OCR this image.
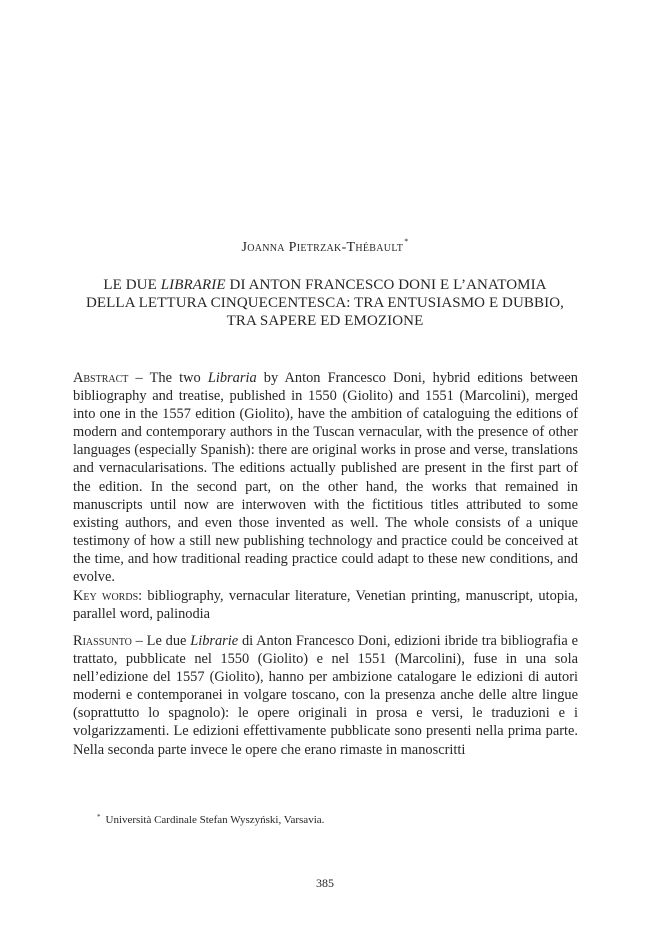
Joanna Pietrzak-Thébault*
LE DUE LIBRARIE DI ANTON FRANCESCO DONI E L’ANATOMIA
DELLA LETTURA CINQUECENTESCA: TRA ENTUSIASMO E DUBBIO,
TRA SAPERE ED EMOZIONE
Abstract – The two Libraria by Anton Francesco Doni, hybrid editions between bibliography and treatise, published in 1550 (Giolito) and 1551 (Marcolini), merged into one in the 1557 edition (Giolito), have the ambition of cataloguing the editions of modern and contemporary authors in the Tuscan vernacular, with the presence of other languages (especially Spanish): there are original works in prose and verse, translations and vernacularisations. The editions actually published are present in the first part of the edition. In the second part, on the other hand, the works that remained in manuscripts until now are interwoven with the fictitious titles attributed to some existing authors, and even those invented as well. The whole consists of a unique testimony of how a still new publishing technology and practice could be conceived at the time, and how traditional reading practice could adapt to these new conditions, and evolve.
Key words: bibliography, vernacular literature, Venetian printing, manuscript, utopia, parallel word, palinodia
Riassunto – Le due Librarie di Anton Francesco Doni, edizioni ibride tra bibliografia e trattato, pubblicate nel 1550 (Giolito) e nel 1551 (Marcolini), fuse in una sola nell’edizione del 1557 (Giolito), hanno per ambizione catalogare le edizioni di autori moderni e contemporanei in volgare toscano, con la presenza anche delle altre lingue (soprattutto lo spagnolo): le opere originali in prosa e versi, le traduzioni e i volgarizzamenti. Le edizioni effettivamente pubblicate sono presenti nella prima parte. Nella seconda parte invece le opere che erano rimaste in manoscritti
* Università Cardinale Stefan Wyszyński, Varsavia.
385
